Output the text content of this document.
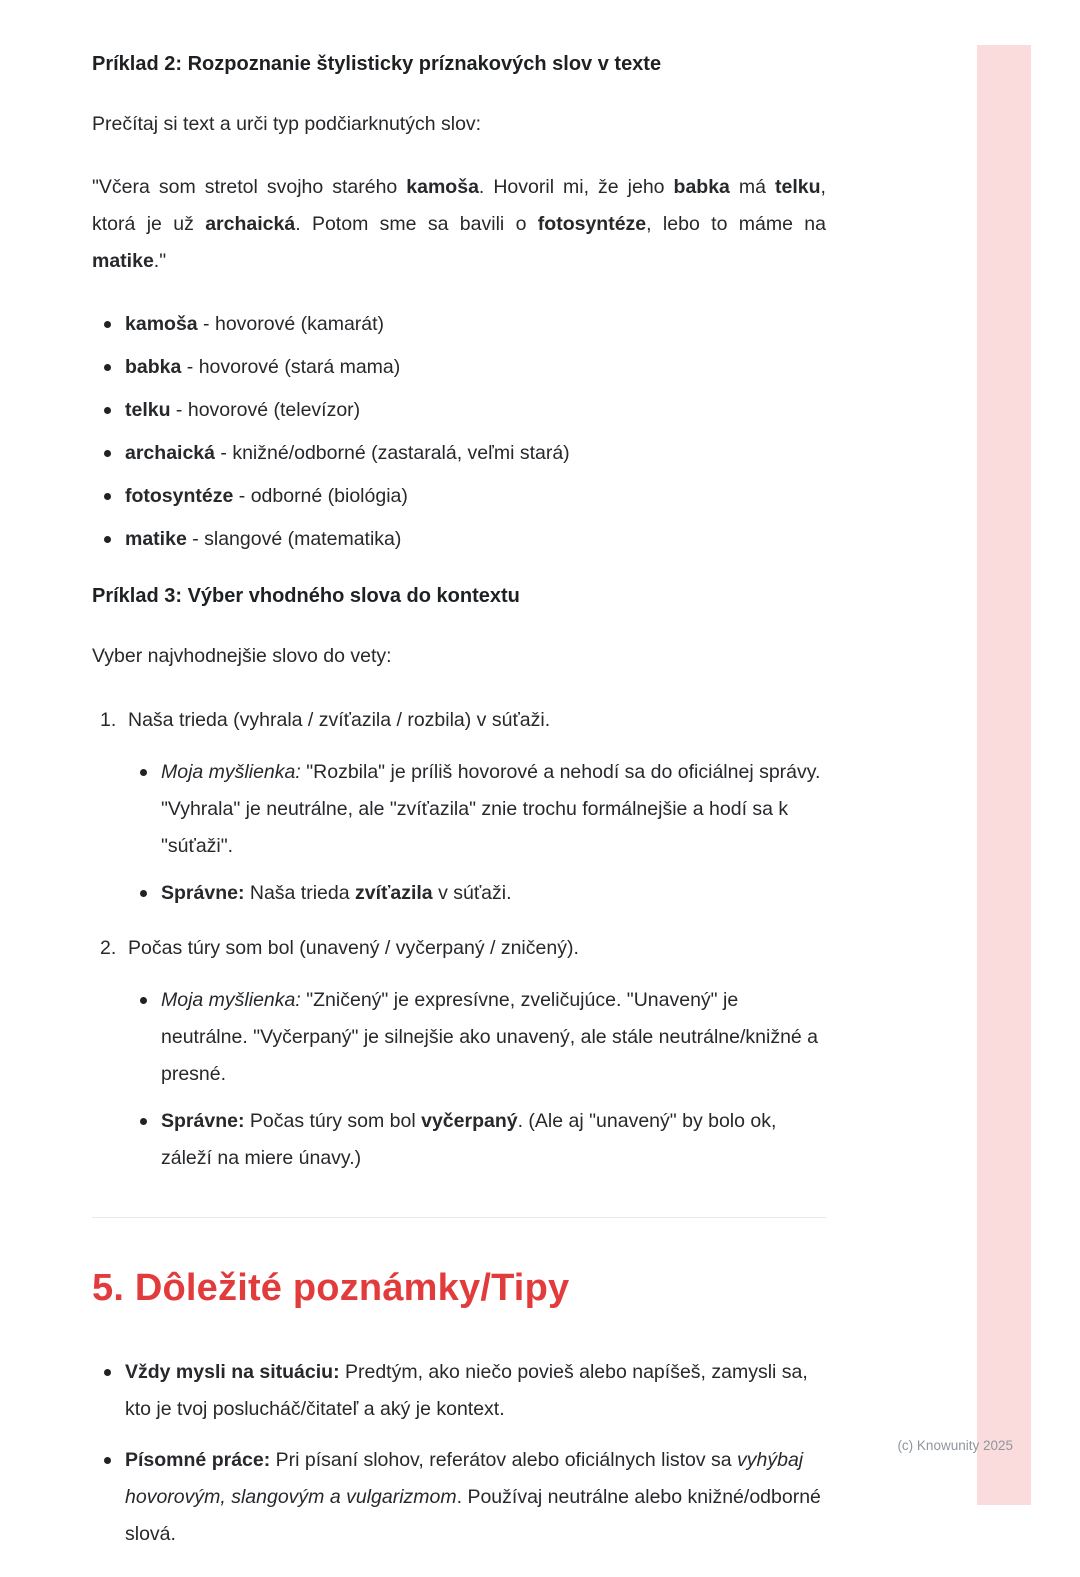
Príklad 2: Rozpoznanie štylisticky príznakových slov v texte

Prečítaj si text a urči typ podčiarknutých slov:

"Včera som stretol svojho starého kamoša. Hovoril mi, že jeho babka má telku, ktorá je už archaická. Potom sme sa bavili o fotosyntéze, lebo to máme na matike."

kamoša - hovorové (kamarát)
babka - hovorové (stará mama)
telku - hovorové (televízor)
archaická - knižné/odborné (zastaralá, veľmi stará)
fotosyntéze - odborné (biológia)
matike - slangové (matematika)
Príklad 3: Výber vhodného slova do kontextu

Vyber najvhodnejšie slovo do vety:

Naša trieda (vyhrala / zvíťazila / rozbila) v súťaži.
Moja myšlienka: "Rozbila" je príliš hovorové a nehodí sa do oficiálnej správy. "Vyhrala" je neutrálne, ale "zvíťazila" znie trochu formálnejšie a hodí sa k "súťaži".
Správne: Naša trieda zvíťazila v súťaži.
Počas túry som bol (unavený / vyčerpaný / zničený).
Moja myšlienka: "Zničený" je expresívne, zveličujúce. "Unavený" je neutrálne. "Vyčerpaný" je silnejšie ako unavený, ale stále neutrálne/knižné a presné.
Správne: Počas túry som bol vyčerpaný. (Ale aj "unavený" by bolo ok, záleží na miere únavy.)
5. Dôležité poznámky/Tipy
Vždy mysli na situáciu: Predtým, ako niečo povieš alebo napíšeš, zamysli sa, kto je tvoj poslucháč/čitateľ a aký je kontext.
Písomné práce: Pri písaní slohov, referátov alebo oficiálnych listov sa vyhýbaj hovorovým, slangovým a vulgarizmom. Používaj neutrálne alebo knižné/odborné slová.
(c) Knowunity 2025
